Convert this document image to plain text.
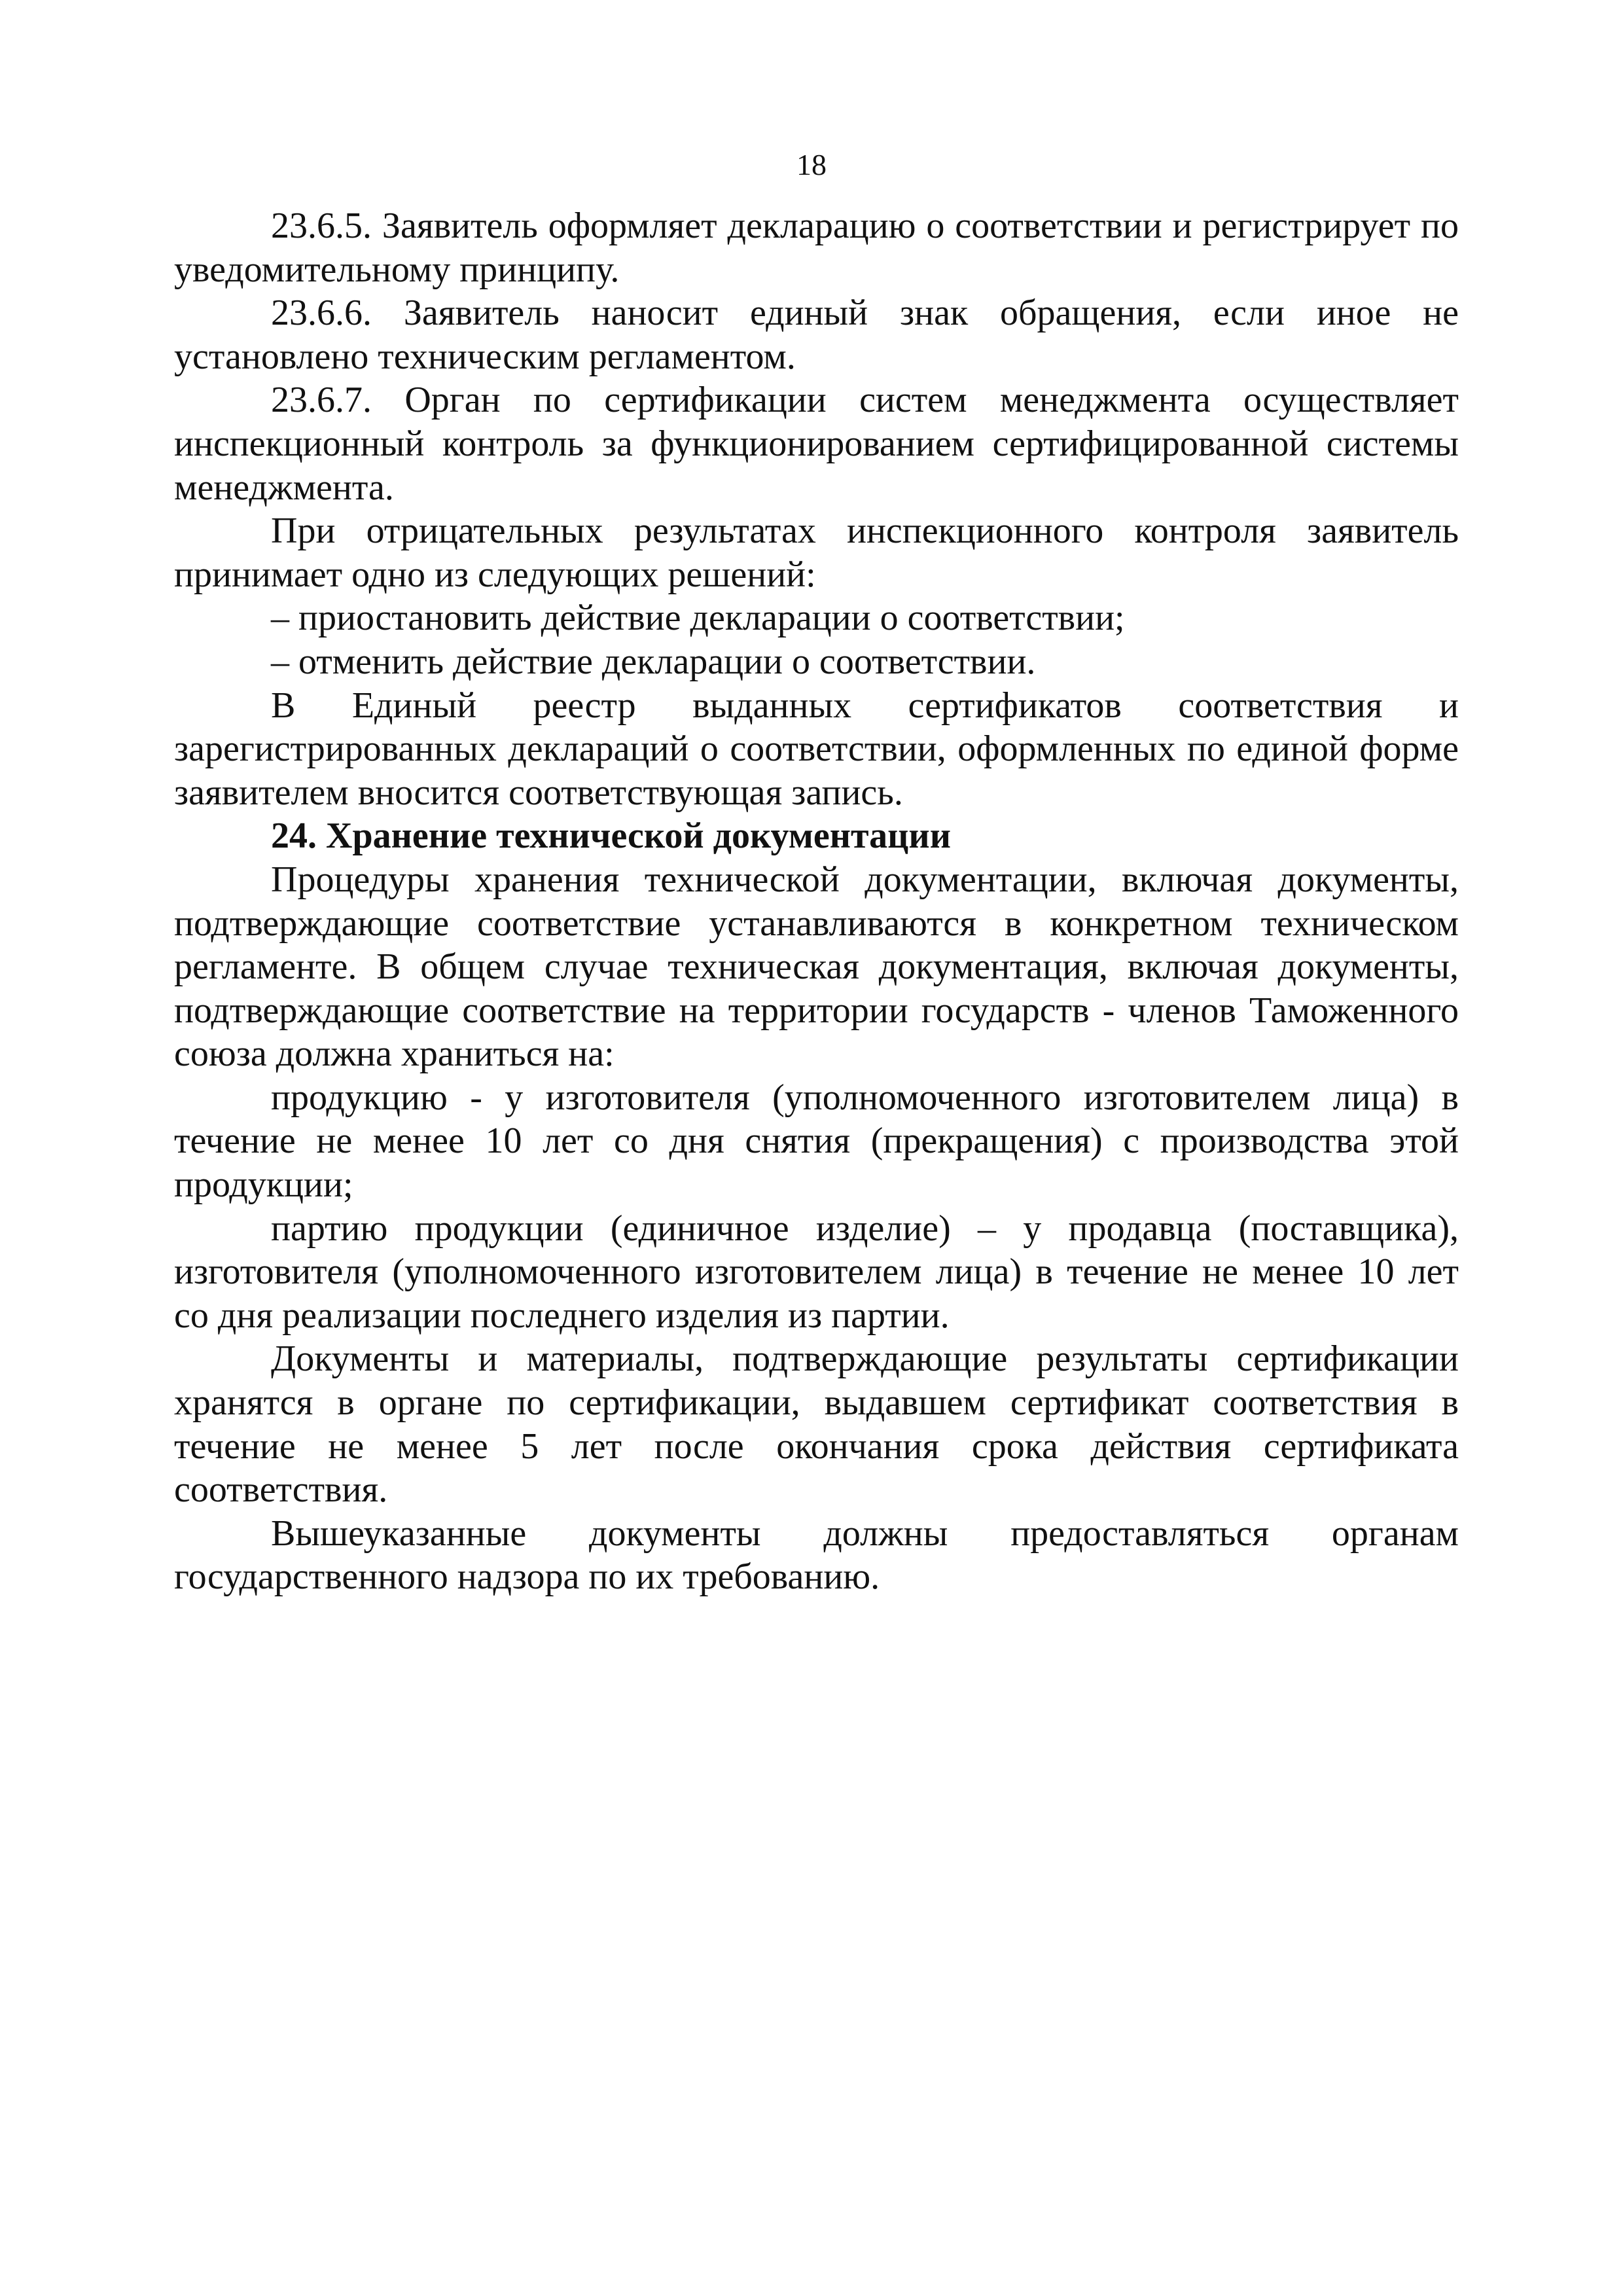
18

23.6.5. Заявитель оформляет декларацию о соответствии и регистрирует по уведомительному принципу.

23.6.6. Заявитель наносит единый знак обращения, если иное не установлено техническим регламентом.

23.6.7. Орган по сертификации систем менеджмента осуществляет инспекционный контроль за функционированием сертифицированной системы менеджмента.

При отрицательных результатах инспекционного контроля заявитель принимает одно из следующих решений:

– приостановить действие декларации о соответствии;

– отменить действие декларации о соответствии.

В Единый реестр выданных сертификатов соответствия и зарегистрированных деклараций о соответствии, оформленных по единой форме заявителем вносится соответствующая запись.

24. Хранение технической документации

Процедуры хранения технической документации, включая документы, подтверждающие соответствие устанавливаются в конкретном техническом регламенте. В общем случае техническая документация, включая документы, подтверждающие соответствие на территории государств - членов Таможенного союза должна храниться на:

продукцию - у изготовителя (уполномоченного изготовителем лица) в течение не менее 10 лет со дня снятия (прекращения) с производства этой продукции;

партию продукции (единичное изделие) – у продавца (поставщика), изготовителя (уполномоченного изготовителем лица) в течение не менее 10 лет со дня реализации последнего изделия из партии.

Документы и материалы, подтверждающие результаты сертификации хранятся в органе по сертификации, выдавшем сертификат соответствия в течение не менее 5 лет после окончания срока действия сертификата соответствия.

Вышеуказанные документы должны предоставляться органам государственного надзора по их требованию.
